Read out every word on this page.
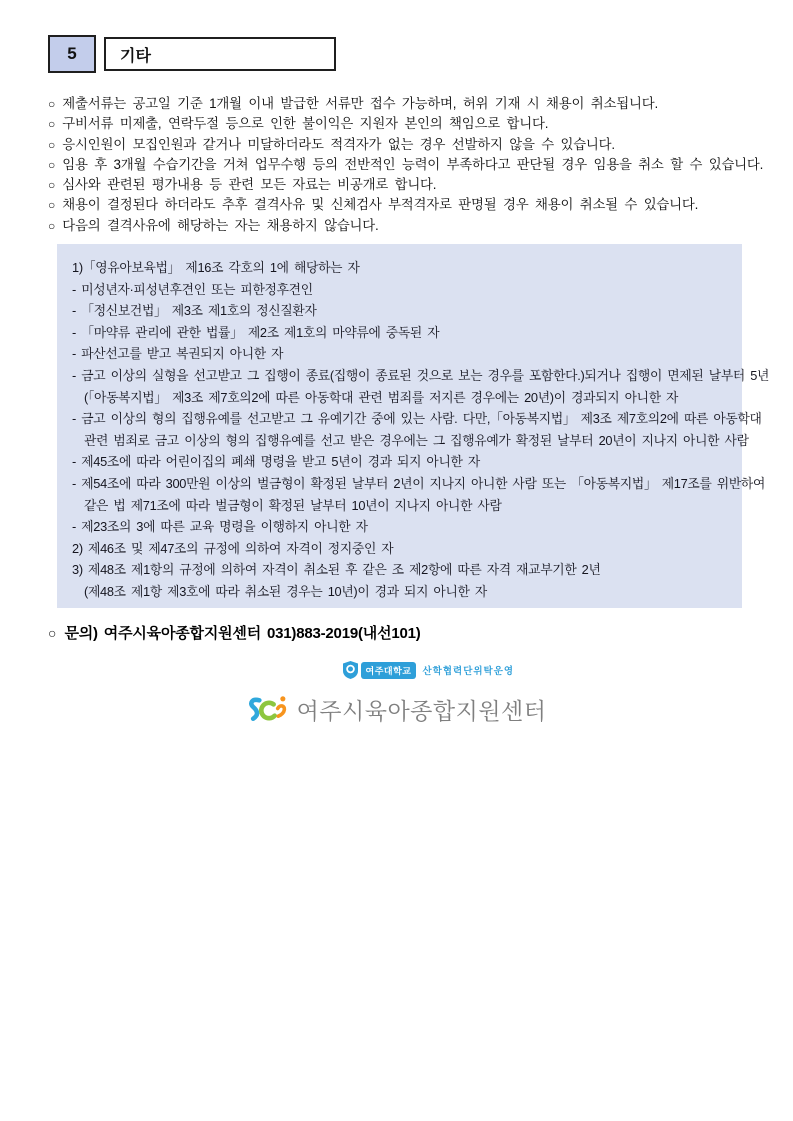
5	기타
○ 제출서류는 공고일 기준 1개월 이내 발급한 서류만 접수 가능하며, 허위 기재 시 채용이 취소됩니다.
○ 구비서류 미제출, 연락두절 등으로 인한 불이익은 지원자 본인의 책임으로 합니다.
○ 응시인원이 모집인원과 같거나 미달하더라도 적격자가 없는 경우 선발하지 않을 수 있습니다.
○ 임용 후 3개월 수습기간을 거쳐 업무수행 등의 전반적인 능력이 부족하다고 판단될 경우 임용을 취소 할 수 있습니다.
○ 심사와 관련된 평가내용 등 관련 모든 자료는 비공개로 합니다.
○ 채용이 결정된다 하더라도 추후 결격사유 및 신체검사 부적격자로 판명될 경우 채용이 취소될 수 있습니다.
○ 다음의 결격사유에 해당하는 자는 채용하지 않습니다.
1)「영유아보육법」 제16조 각호의 1에 해당하는 자
- 미성년자·피성년후견인 또는 피한정후견인
- 「정신보건법」 제3조 제1호의 정신질환자
- 「마약류 관리에 관한 법률」 제2조 제1호의 마약류에 중독된 자
- 파산선고를 받고 복권되지 아니한 자
- 금고 이상의 실형을 선고받고 그 집행이 종료(집행이 종료된 것으로 보는 경우를 포함한다.)되거나 집행이 면제된 날부터 5년
(「아동복지법」 제3조 제7호의2에 따른 아동학대 관련 범죄를 저지른 경우에는 20년)이 경과되지 아니한 자
- 금고 이상의 형의 집행유예를 선고받고 그 유예기간 중에 있는 사람. 다만,「아동복지법」 제3조 제7호의2에 따른 아동학대
관련 범죄로 금고 이상의 형의 집행유예를 선고 받은 경우에는 그 집행유예가 확정된 날부터 20년이 지나지 아니한 사람
- 제45조에 따라 어린이집의 폐쇄 명령을 받고 5년이 경과 되지 아니한 자
- 제54조에 따라 300만원 이상의 벌금형이 확정된 날부터 2년이 지나지 아니한 사람 또는 「아동복지법」 제17조를 위반하여
같은 법 제71조에 따라 벌금형이 확정된 날부터 10년이 지나지 아니한 사람
- 제23조의 3에 따른 교육 명령을 이행하지 아니한 자
2) 제46조 및 제47조의 규정에 의하여 자격이 정지중인 자
3) 제48조 제1항의 규정에 의하여 자격이 취소된 후 같은 조 제2항에 따른 자격 재교부기한 2년
(제48조 제1항 제3호에 따라 취소된 경우는 10년)이 경과 되지 아니한 자
○ 문의) 여주시육아종합지원센터 031)883-2019(내선101)
여주대학교	산학협력단위탁운영
여주시육아종합지원센터
